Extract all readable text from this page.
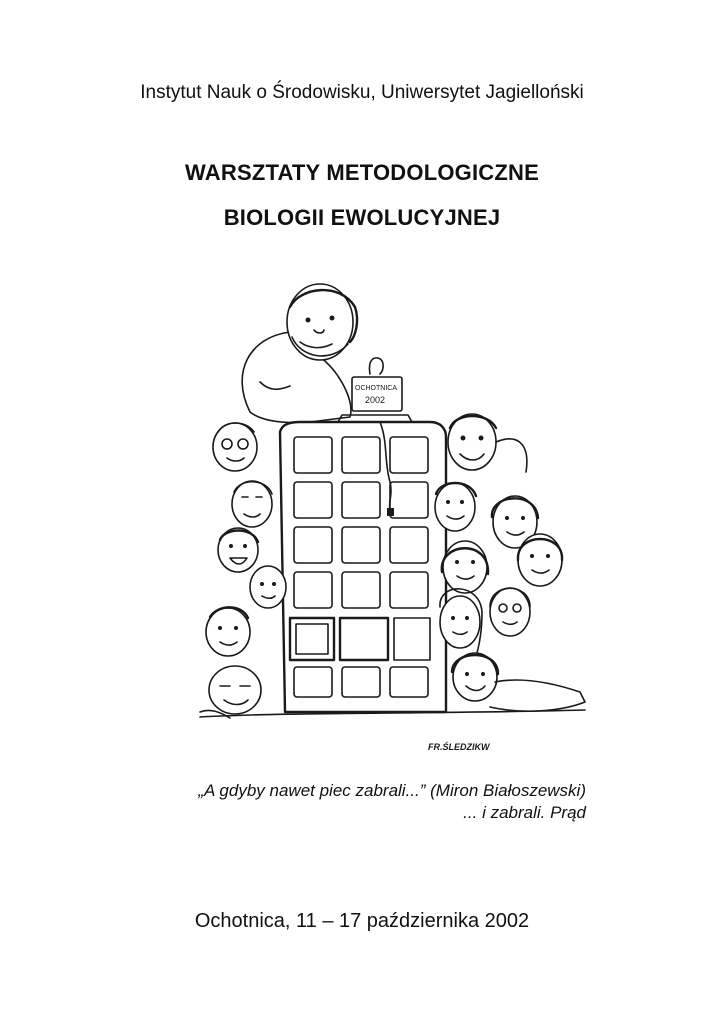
Instytut Nauk o Środowisku, Uniwersytet Jagielloński
WARSZTATY METODOLOGICZNE
BIOLOGII EWOLUCYJNEJ
OCHOTNICA
2002
FR.ŚLEDZIKW
„A gdyby nawet piec zabrali...” (Miron Białoszewski)
... i zabrali. Prąd
Ochotnica, 11 – 17 października 2002
